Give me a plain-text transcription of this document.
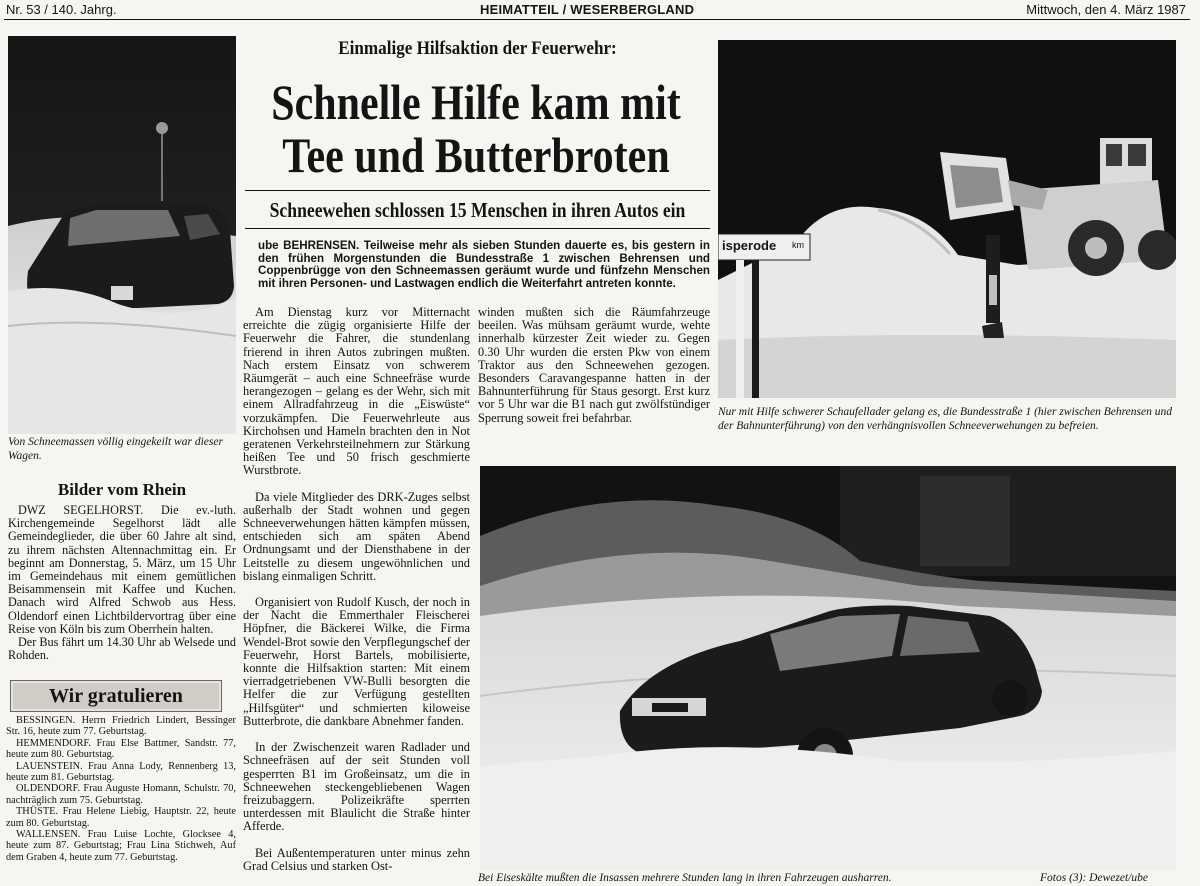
Nr. 53 / 140. Jahrg.	HEIMATTEIL / WESERBERGLAND	Mittwoch, den 4. März 1987
Von Schneemassen völlig eingekeilt war dieser Wagen.
Bilder vom Rhein

DWZ SEGELHORST. Die ev.-luth. Kirchengemeinde Segelhorst lädt alle Gemeindeglieder, die über 60 Jahre alt sind, zu ihrem nächsten Altennachmittag ein. Er beginnt am Donnerstag, 5. März, um 15 Uhr im Gemeindehaus mit einem gemütlichen Beisammensein mit Kaffee und Kuchen. Danach wird Alfred Schwob aus Hess. Oldendorf einen Lichtbildervortrag über eine Reise von Köln bis zum Oberrhein halten.

Der Bus fährt um 14.30 Uhr ab Welsede und Rohden.

Wir gratulieren

BESSINGEN. Herrn Friedrich Lindert, Bessinger Str. 16, heute zum 77. Geburtstag.

HEMMENDORF. Frau Else Battmer, Sandstr. 77, heute zum 80. Geburtstag.

LAUENSTEIN. Frau Anna Lody, Rennenberg 13, heute zum 81. Geburtstag.

OLDENDORF. Frau Auguste Homann, Schulstr. 70, nachträglich zum 75. Geburtstag.

THÜSTE. Frau Helene Liebig, Hauptstr. 22, heute zum 80. Geburtstag.

WALLENSEN. Frau Luise Lochte, Glocksee 4, heute zum 87. Geburtstag; Frau Lina Stichweh, Auf dem Graben 4, heute zum 77. Geburtstag.

Einmalige Hilfsaktion der Feuerwehr:
Schnelle Hilfe kam mit
Tee und Butterbroten
Schneewehen schlossen 15 Menschen in ihren Autos ein
ube BEHRENSEN. Teilweise mehr als sieben Stunden dauerte es, bis gestern in den frühen Morgenstunden die Bundesstraße 1 zwischen Behrensen und Coppenbrügge von den Schneemassen geräumt wurde und fünfzehn Menschen mit ihren Personen- und Lastwagen endlich die Weiterfahrt antreten konnte.

Am Dienstag kurz vor Mitternacht erreichte die zügig organisierte Hilfe der Feuerwehr die Fahrer, die stundenlang frierend in ihren Autos zubringen mußten. Nach erstem Einsatz von schwerem Räumgerät – auch eine Schneefräse wurde herangezogen – gelang es der Wehr, sich mit einem Allradfahrzeug in die „Eiswüste“ vorzukämpfen. Die Feuerwehrleute aus Kirchohsen und Hameln brachten den in Not geratenen Verkehrsteilnehmern zur Stärkung heißen Tee und 50 frisch geschmierte Wurstbrote.

Da viele Mitglieder des DRK-Zuges selbst außerhalb der Stadt wohnen und gegen Schneeverwehungen hätten kämpfen müssen, entschieden sich am späten Abend Ordnungsamt und der Diensthabene in der Leitstelle zu diesem ungewöhnlichen und bislang einmaligen Schritt.

Organisiert von Rudolf Kusch, der noch in der Nacht die Emmerthaler Fleischerei Höpfner, die Bäckerei Wilke, die Firma Wendel-Brot sowie den Verpflegungschef der Feuerwehr, Horst Bartels, mobilisierte, konnte die Hilfsaktion starten: Mit einem vierradgetriebenen VW-Bulli besorgten die Helfer die zur Verfügung gestellten „Hilfsgüter“ und schmierten kiloweise Butterbrote, die dankbare Abnehmer fanden.

In der Zwischenzeit waren Radlader und Schneefräsen auf der seit Stunden voll gesperrten B1 im Großeinsatz, um die in Schneewehen steckengebliebenen Wagen freizubaggern. Polizeikräfte sperrten unterdessen mit Blaulicht die Straße hinter Afferde.

Bei Außentemperaturen unter minus zehn Grad Celsius und starken Ost-

winden mußten sich die Räumfahrzeuge beeilen. Was mühsam geräumt wurde, wehte innerhalb kürzester Zeit wieder zu. Gegen 0.30 Uhr wurden die ersten Pkw von einem Traktor aus den Schneewehen gezogen. Besonders Caravangespanne hatten in der Bahnunterführung für Staus gesorgt. Erst kurz vor 5 Uhr war die B1 nach gut zwölfstündiger Sperrung soweit frei befahrbar.

isperode km
Nur mit Hilfe schwerer Schaufellader gelang es, die Bundesstraße 1 (hier zwischen Behrensen und der Bahnunterführung) von den verhängnisvollen Schneeverwehungen zu befreien.
Bei Eiseskälte mußten die Insassen mehrere Stunden lang in ihren Fahrzeugen ausharren.	Fotos (3): Dewezet/ube
